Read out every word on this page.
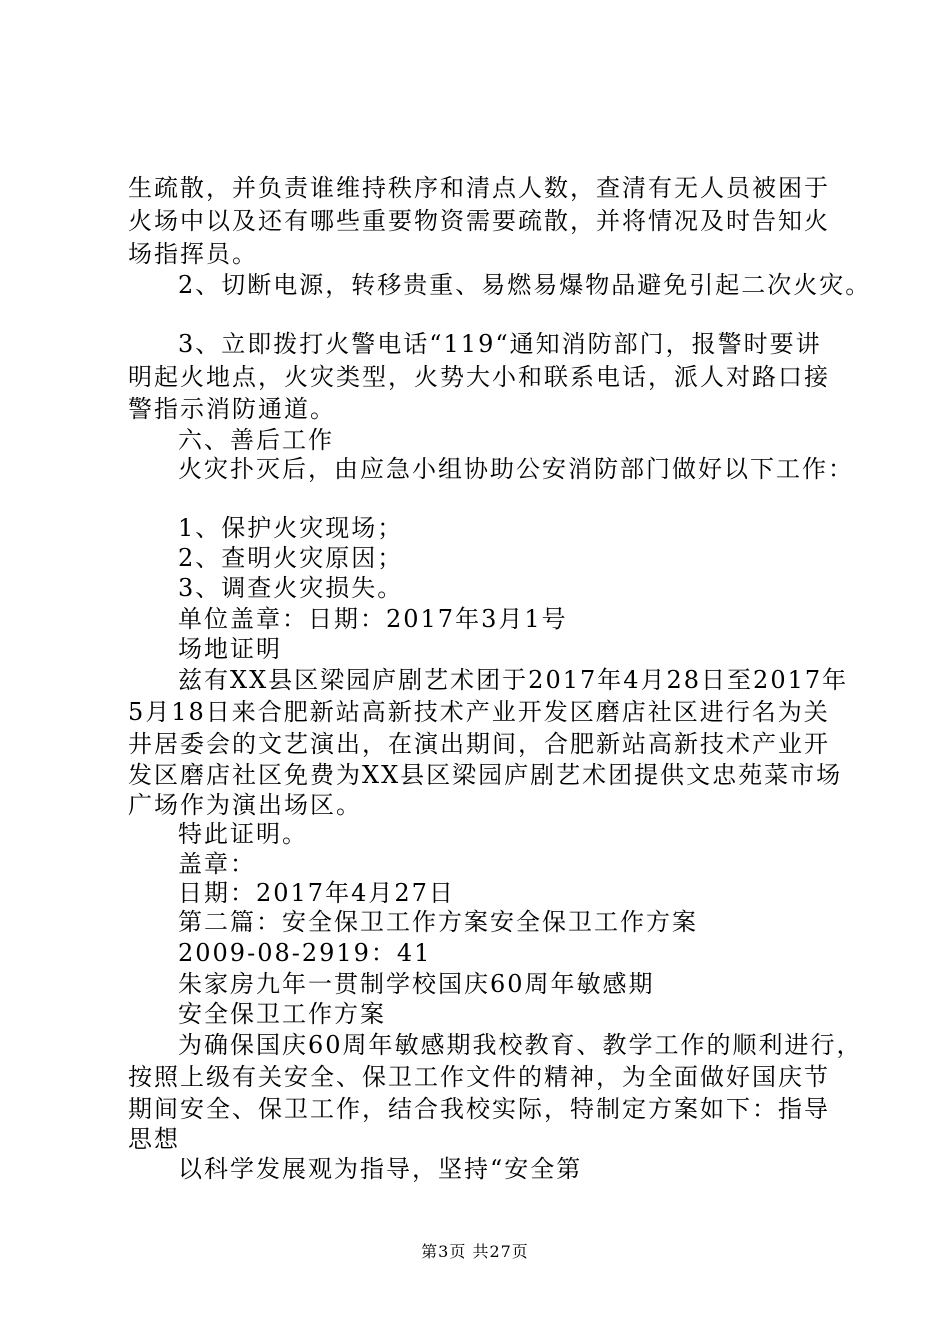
生疏散，并负责谁维持秩序和清点人数，查清有无人员被困于
火场中以及还有哪些重要物资需要疏散，并将情况及时告知火
场指挥员。
2、切断电源，转移贵重、易燃易爆物品避免引起二次火灾。
3、立即拨打火警电话“119“通知消防部门，报警时要讲
明起火地点，火灾类型，火势大小和联系电话，派人对路口接
警指示消防通道。
六、善后工作
火灾扑灭后，由应急小组协助公安消防部门做好以下工作：
1、保护火灾现场；
2、查明火灾原因；
3、调查火灾损失。
单位盖章：日期：2017年3月1号
场地证明
兹有XX县区梁园庐剧艺术团于2017年4月28日至2017年
5月18日来合肥新站高新技术产业开发区磨店社区进行名为关
井居委会的文艺演出，在演出期间，合肥新站高新技术产业开
发区磨店社区免费为XX县区梁园庐剧艺术团提供文忠苑菜市场
广场作为演出场区。
特此证明。
盖章：
日期：2017年4月27日
第二篇：安全保卫工作方案安全保卫工作方案
2009-08-2919：41
朱家房九年一贯制学校国庆60周年敏感期
安全保卫工作方案
为确保国庆60周年敏感期我校教育、教学工作的顺利进行，
按照上级有关安全、保卫工作文件的精神，为全面做好国庆节
期间安全、保卫工作，结合我校实际，特制定方案如下：指导
思想
以科学发展观为指导，坚持“安全第
第3页 共27页
